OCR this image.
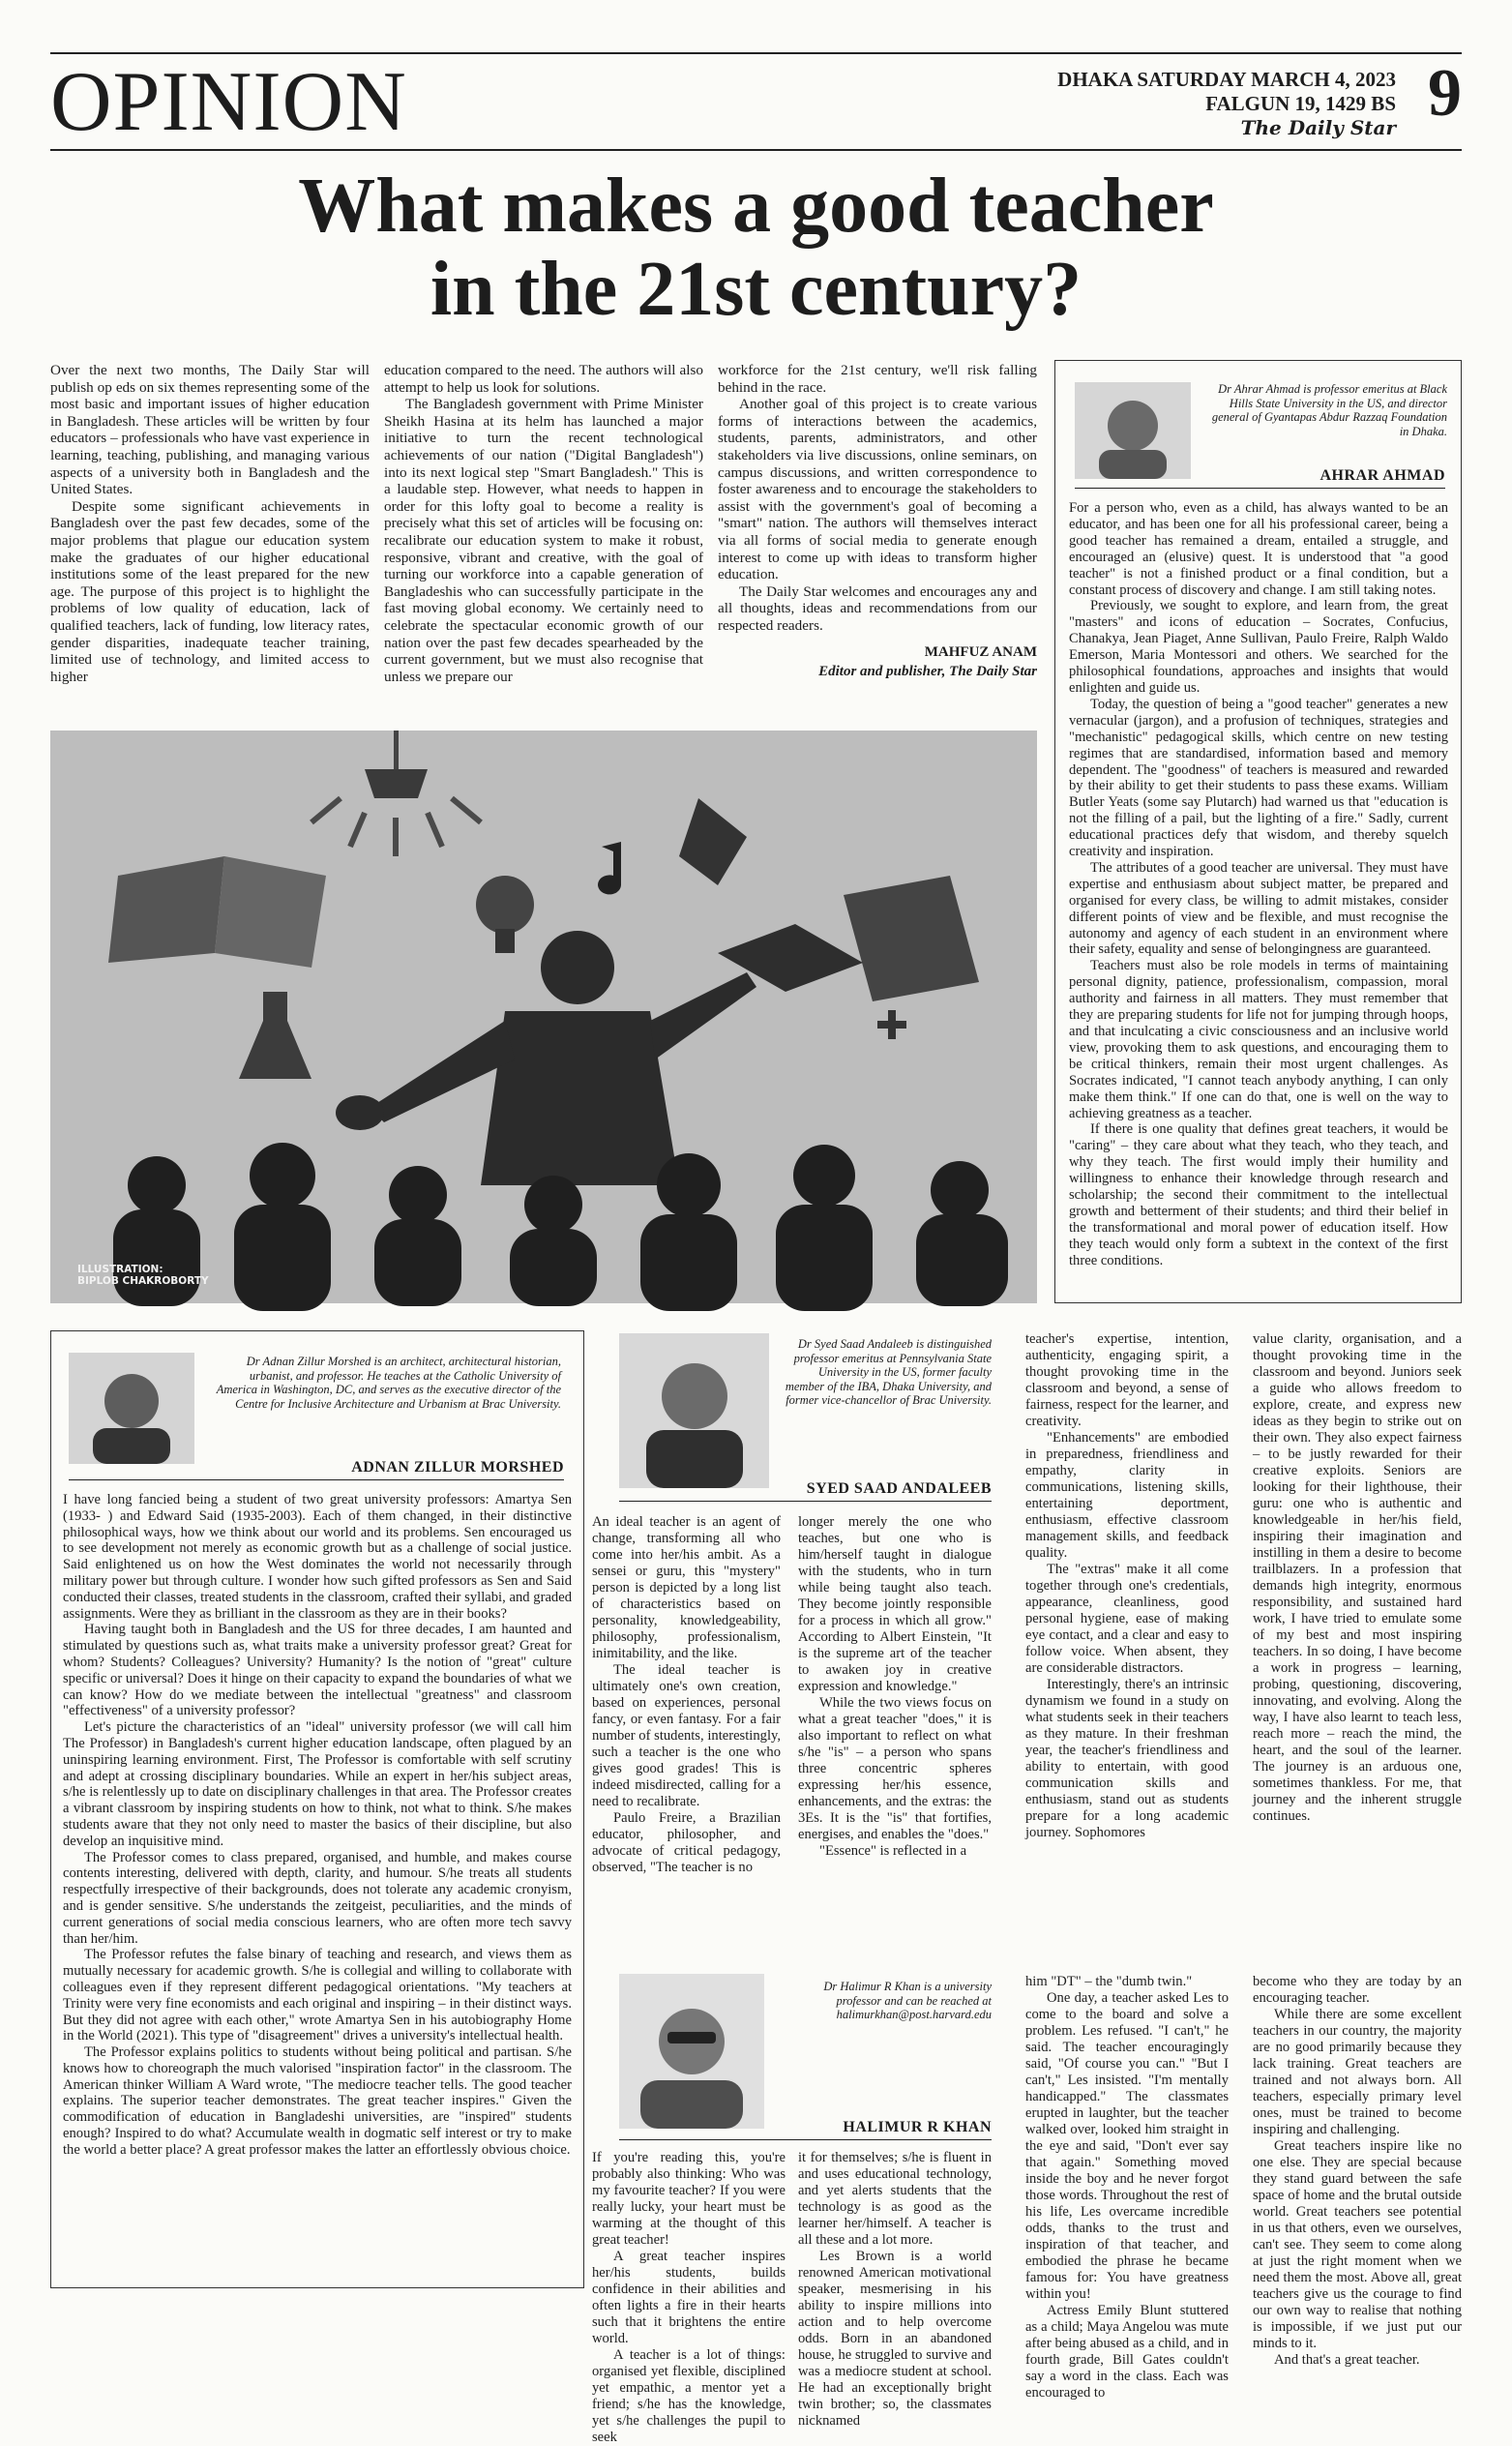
OPINION	DHAKA SATURDAY MARCH 4, 2023
FALGUN 19, 1429 BS
The Daily Star 9
What makes a good teacher
in the 21st century?

Over the next two months, The Daily Star will publish op eds on six themes representing some of the most basic and important issues of higher education in Bangladesh. These articles will be written by four educators – professionals who have vast experience in learning, teaching, publishing, and managing various aspects of a university both in Bangladesh and the United States.

Despite some significant achievements in Bangladesh over the past few decades, some of the major problems that plague our education system make the graduates of our higher educational institutions some of the least prepared for the new age. The purpose of this project is to highlight the problems of low quality of education, lack of qualified teachers, lack of funding, low literacy rates, gender disparities, inadequate teacher training, limited use of technology, and limited access to higher

education compared to the need. The authors will also attempt to help us look for solutions.

The Bangladesh government with Prime Minister Sheikh Hasina at its helm has launched a major initiative to turn the recent technological achievements of our nation ("Digital Bangladesh") into its next logical step "Smart Bangladesh." This is a laudable step. However, what needs to happen in order for this lofty goal to become a reality is precisely what this set of articles will be focusing on: recalibrate our education system to make it robust, responsive, vibrant and creative, with the goal of turning our workforce into a capable generation of Bangladeshis who can successfully participate in the fast moving global economy. We certainly need to celebrate the spectacular economic growth of our nation over the past few decades spearheaded by the current government, but we must also recognise that unless we prepare our

workforce for the 21st century, we'll risk falling behind in the race.

Another goal of this project is to create various forms of interactions between the academics, students, parents, administrators, and other stakeholders via live discussions, online seminars, on campus discussions, and written correspondence to foster awareness and to encourage the stakeholders to assist with the government's goal of becoming a "smart" nation. The authors will themselves interact via all forms of social media to generate enough interest to come up with ideas to transform higher education.

The Daily Star welcomes and encourages any and all thoughts, ideas and recommendations from our respected readers.

MAHFUZ ANAM
Editor and publisher, The Daily Star
ILLUSTRATION:
BIPLOB CHAKROBORTY
Dr Ahrar Ahmad is professor emeritus at Black Hills State University in the US, and director general of Gyantapas Abdur Razzaq Foundation in Dhaka.
AHRAR AHMAD

For a person who, even as a child, has always wanted to be an educator, and has been one for all his professional career, being a good teacher has remained a dream, entailed a struggle, and encouraged an (elusive) quest. It is understood that "a good teacher" is not a finished product or a final condition, but a constant process of discovery and change. I am still taking notes.

Previously, we sought to explore, and learn from, the great "masters" and icons of education – Socrates, Confucius, Chanakya, Jean Piaget, Anne Sullivan, Paulo Freire, Ralph Waldo Emerson, Maria Montessori and others. We searched for the philosophical foundations, approaches and insights that would enlighten and guide us.

Today, the question of being a "good teacher" generates a new vernacular (jargon), and a profusion of techniques, strategies and "mechanistic" pedagogical skills, which centre on new testing regimes that are standardised, information based and memory dependent. The "goodness" of teachers is measured and rewarded by their ability to get their students to pass these exams. William Butler Yeats (some say Plutarch) had warned us that "education is not the filling of a pail, but the lighting of a fire." Sadly, current educational practices defy that wisdom, and thereby squelch creativity and inspiration.

The attributes of a good teacher are universal. They must have expertise and enthusiasm about subject matter, be prepared and organised for every class, be willing to admit mistakes, consider different points of view and be flexible, and must recognise the autonomy and agency of each student in an environment where their safety, equality and sense of belongingness are guaranteed.

Teachers must also be role models in terms of maintaining personal dignity, patience, professionalism, compassion, moral authority and fairness in all matters. They must remember that they are preparing students for life not for jumping through hoops, and that inculcating a civic consciousness and an inclusive world view, provoking them to ask questions, and encouraging them to be critical thinkers, remain their most urgent challenges. As Socrates indicated, "I cannot teach anybody anything, I can only make them think." If one can do that, one is well on the way to achieving greatness as a teacher.

If there is one quality that defines great teachers, it would be "caring" – they care about what they teach, who they teach, and why they teach. The first would imply their humility and willingness to enhance their knowledge through research and scholarship; the second their commitment to the intellectual growth and betterment of their students; and third their belief in the transformational and moral power of education itself. How they teach would only form a subtext in the context of the first three conditions.

Dr Adnan Zillur Morshed is an architect, architectural historian, urbanist, and professor. He teaches at the Catholic University of America in Washington, DC, and serves as the executive director of the Centre for Inclusive Architecture and Urbanism at Brac University.
ADNAN ZILLUR MORSHED

I have long fancied being a student of two great university professors: Amartya Sen (1933- ) and Edward Said (1935-2003). Each of them changed, in their distinctive philosophical ways, how we think about our world and its problems. Sen encouraged us to see development not merely as economic growth but as a challenge of social justice. Said enlightened us on how the West dominates the world not necessarily through military power but through culture. I wonder how such gifted professors as Sen and Said conducted their classes, treated students in the classroom, crafted their syllabi, and graded assignments. Were they as brilliant in the classroom as they are in their books?

Having taught both in Bangladesh and the US for three decades, I am haunted and stimulated by questions such as, what traits make a university professor great? Great for whom? Students? Colleagues? University? Humanity? Is the notion of "great" culture specific or universal? Does it hinge on their capacity to expand the boundaries of what we can know? How do we mediate between the intellectual "greatness" and classroom "effectiveness" of a university professor?

Let's picture the characteristics of an "ideal" university professor (we will call him The Professor) in Bangladesh's current higher education landscape, often plagued by an uninspiring learning environment. First, The Professor is comfortable with self scrutiny and adept at crossing disciplinary boundaries. While an expert in her/his subject areas, s/he is relentlessly up to date on disciplinary challenges in that area. The Professor creates a vibrant classroom by inspiring students on how to think, not what to think. S/he makes students aware that they not only need to master the basics of their discipline, but also develop an inquisitive mind.

The Professor comes to class prepared, organised, and humble, and makes course contents interesting, delivered with depth, clarity, and humour. S/he treats all students respectfully irrespective of their backgrounds, does not tolerate any academic cronyism, and is gender sensitive. S/he understands the zeitgeist, peculiarities, and the minds of current generations of social media conscious learners, who are often more tech savvy than her/him.

The Professor refutes the false binary of teaching and research, and views them as mutually necessary for academic growth. S/he is collegial and willing to collaborate with colleagues even if they represent different pedagogical orientations. "My teachers at Trinity were very fine economists and each original and inspiring – in their distinct ways. But they did not agree with each other," wrote Amartya Sen in his autobiography Home in the World (2021). This type of "disagreement" drives a university's intellectual health.

The Professor explains politics to students without being political and partisan. S/he knows how to choreograph the much valorised "inspiration factor" in the classroom. The American thinker William A Ward wrote, "The mediocre teacher tells. The good teacher explains. The superior teacher demonstrates. The great teacher inspires." Given the commodification of education in Bangladeshi universities, are "inspired" students enough? Inspired to do what? Accumulate wealth in dogmatic self interest or try to make the world a better place? A great professor makes the latter an effortlessly obvious choice.

Dr Syed Saad Andaleeb is distinguished professor emeritus at Pennsylvania State University in the US, former faculty member of the IBA, Dhaka University, and former vice-chancellor of Brac University.
SYED SAAD ANDALEEB

An ideal teacher is an agent of change, transforming all who come into her/his ambit. As a sensei or guru, this "mystery" person is depicted by a long list of characteristics based on personality, knowledgeability, philosophy, professionalism, inimitability, and the like.

The ideal teacher is ultimately one's own creation, based on experiences, personal fancy, or even fantasy. For a fair number of students, interestingly, such a teacher is the one who gives good grades! This is indeed misdirected, calling for a need to recalibrate.

Paulo Freire, a Brazilian educator, philosopher, and advocate of critical pedagogy, observed, "The teacher is no

longer merely the one who teaches, but one who is him/herself taught in dialogue with the students, who in turn while being taught also teach. They become jointly responsible for a process in which all grow." According to Albert Einstein, "It is the supreme art of the teacher to awaken joy in creative expression and knowledge."

While the two views focus on what a great teacher "does," it is also important to reflect on what s/he "is" – a person who spans three concentric spheres expressing her/his essence, enhancements, and the extras: the 3Es. It is the "is" that fortifies, energises, and enables the "does."

"Essence" is reflected in a

teacher's expertise, intention, authenticity, engaging spirit, a thought provoking time in the classroom and beyond, a sense of fairness, respect for the learner, and creativity.

"Enhancements" are embodied in preparedness, friendliness and empathy, clarity in communications, listening skills, entertaining deportment, enthusiasm, effective classroom management skills, and feedback quality.

The "extras" make it all come together through one's credentials, appearance, cleanliness, good personal hygiene, ease of making eye contact, and a clear and easy to follow voice. When absent, they are considerable distractors.

Interestingly, there's an intrinsic dynamism we found in a study on what students seek in their teachers as they mature. In their freshman year, the teacher's friendliness and ability to entertain, with good communication skills and enthusiasm, stand out as students prepare for a long academic journey. Sophomores

value clarity, organisation, and a thought provoking time in the classroom and beyond. Juniors seek a guide who allows freedom to explore, create, and express new ideas as they begin to strike out on their own. They also expect fairness – to be justly rewarded for their creative exploits. Seniors are looking for their lighthouse, their guru: one who is authentic and knowledgeable in her/his field, inspiring their imagination and instilling in them a desire to become trailblazers. In a profession that demands high integrity, enormous responsibility, and sustained hard work, I have tried to emulate some of my best and most inspiring teachers. In so doing, I have become a work in progress – learning, probing, questioning, discovering, innovating, and evolving. Along the way, I have also learnt to teach less, reach more – reach the mind, the heart, and the soul of the learner. The journey is an arduous one, sometimes thankless. For me, that journey and the inherent struggle continues.

Dr Halimur R Khan is a university professor and can be reached at halimurkhan@post.harvard.edu
HALIMUR R KHAN

If you're reading this, you're probably also thinking: Who was my favourite teacher? If you were really lucky, your heart must be warming at the thought of this great teacher!

A great teacher inspires her/his students, builds confidence in their abilities and often lights a fire in their hearts such that it brightens the entire world.

A teacher is a lot of things: organised yet flexible, disciplined yet empathic, a mentor yet a friend; s/he has the knowledge, yet s/he challenges the pupil to seek

it for themselves; s/he is fluent in and uses educational technology, and yet alerts students that the technology is as good as the learner her/himself. A teacher is all these and a lot more.

Les Brown is a world renowned American motivational speaker, mesmerising in his ability to inspire millions into action and to help overcome odds. Born in an abandoned house, he struggled to survive and was a mediocre student at school. He had an exceptionally bright twin brother; so, the classmates nicknamed

him "DT" – the "dumb twin."

One day, a teacher asked Les to come to the board and solve a problem. Les refused. "I can't," he said. The teacher encouragingly said, "Of course you can." "But I can't," Les insisted. "I'm mentally handicapped." The classmates erupted in laughter, but the teacher walked over, looked him straight in the eye and said, "Don't ever say that again." Something moved inside the boy and he never forgot those words. Throughout the rest of his life, Les overcame incredible odds, thanks to the trust and inspiration of that teacher, and embodied the phrase he became famous for: You have greatness within you!

Actress Emily Blunt stuttered as a child; Maya Angelou was mute after being abused as a child, and in fourth grade, Bill Gates couldn't say a word in the class. Each was encouraged to

become who they are today by an encouraging teacher.

While there are some excellent teachers in our country, the majority are no good primarily because they lack training. Great teachers are trained and not always born. All teachers, especially primary level ones, must be trained to become inspiring and challenging.

Great teachers inspire like no one else. They are special because they stand guard between the safe space of home and the brutal outside world. Great teachers see potential in us that others, even we ourselves, can't see. They seem to come along at just the right moment when we need them the most. Above all, great teachers give us the courage to find our own way to realise that nothing is impossible, if we just put our minds to it.

And that's a great teacher.
